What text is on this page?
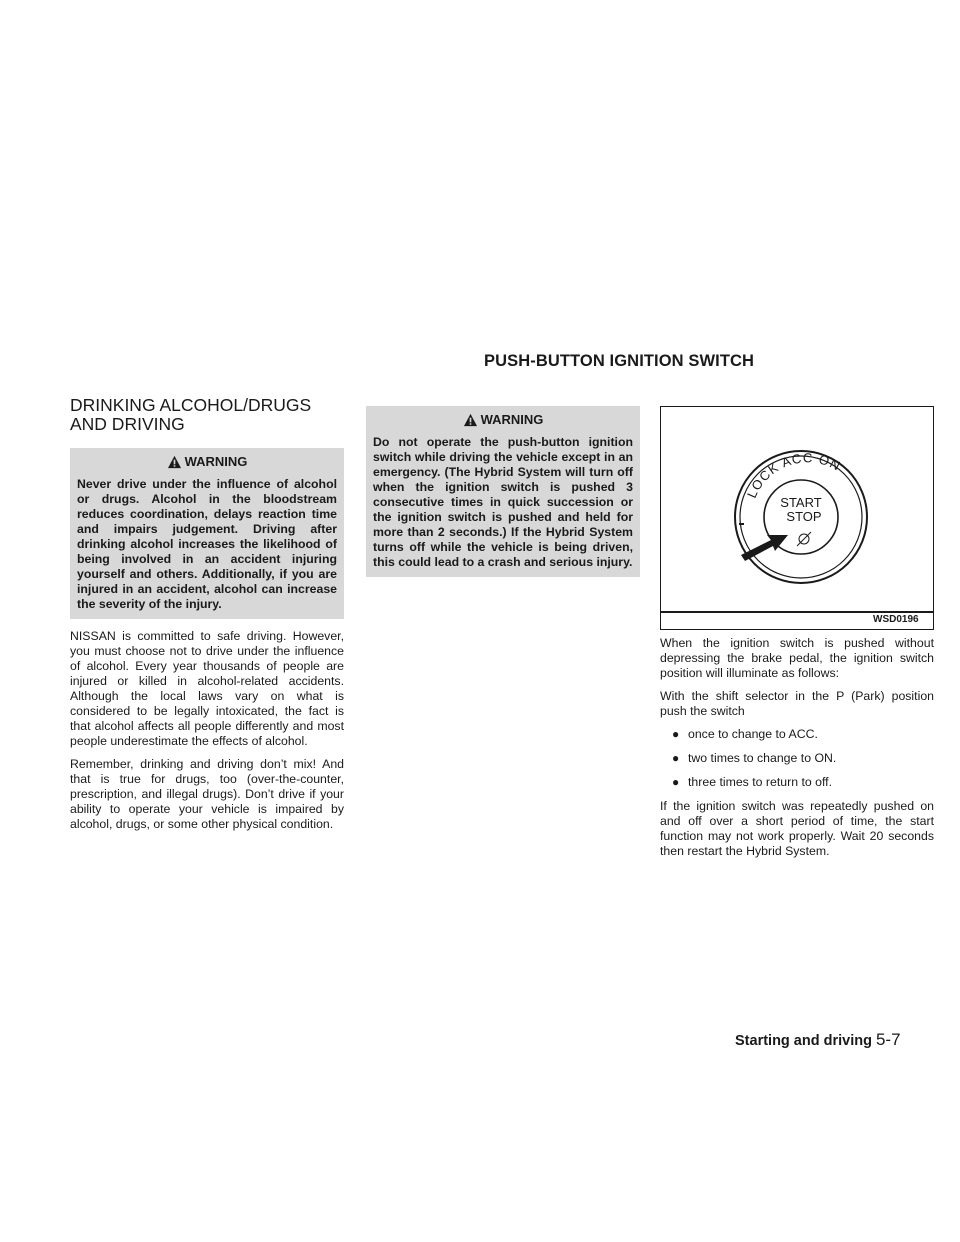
PUSH-BUTTON IGNITION SWITCH
DRINKING ALCOHOL/DRUGS AND DRIVING
WARNING

Never drive under the influence of alcohol or drugs. Alcohol in the bloodstream reduces coordination, delays reaction time and impairs judgement. Driving after drinking alcohol increases the likelihood of being involved in an accident injuring yourself and others. Additionally, if you are injured in an accident, alcohol can increase the severity of the injury.

NISSAN is committed to safe driving. However, you must choose not to drive under the influence of alcohol. Every year thousands of people are injured or killed in alcohol-related accidents. Although the local laws vary on what is considered to be legally intoxicated, the fact is that alcohol affects all people differently and most people underestimate the effects of alcohol.

Remember, drinking and driving don’t mix! And that is true for drugs, too (over-the-counter, prescription, and illegal drugs). Don’t drive if your ability to operate your vehicle is impaired by alcohol, drugs, or some other physical condition.

WARNING

Do not operate the push-button ignition switch while driving the vehicle except in an emergency. (The Hybrid System will turn off when the ignition switch is pushed 3 consecutive times in quick succession or the ignition switch is pushed and held for more than 2 seconds.) If the Hybrid System turns off while the vehicle is being driven, this could lead to a crash and serious injury.

LOCK ACC ON
START
STOP
WSD0196

When the ignition switch is pushed without depressing the brake pedal, the ignition switch position will illuminate as follows:

With the shift selector in the P (Park) position push the switch

● once to change to ACC.
● two times to change to ON.
● three times to return to off.

If the ignition switch was repeatedly pushed on and off over a short period of time, the start function may not work properly. Wait 20 seconds then restart the Hybrid System.

Starting and driving 5-7
